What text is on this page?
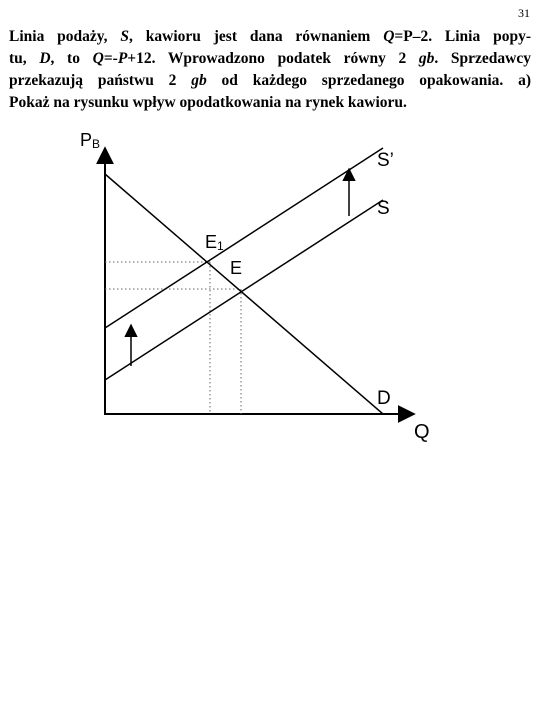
31
Linia podaży, S, kawioru jest dana równaniem Q=P–2. Linia popy-
tu, D, to Q=-P+12. Wprowadzono podatek równy 2 gb. Sprzedawcy
przekazują państwu 2 gb od każdego sprzedanego opakowania. a)
Pokaż na rysunku wpływ opodatkowania na rynek kawioru.
PB
Q
S’
S
D
E
E1
